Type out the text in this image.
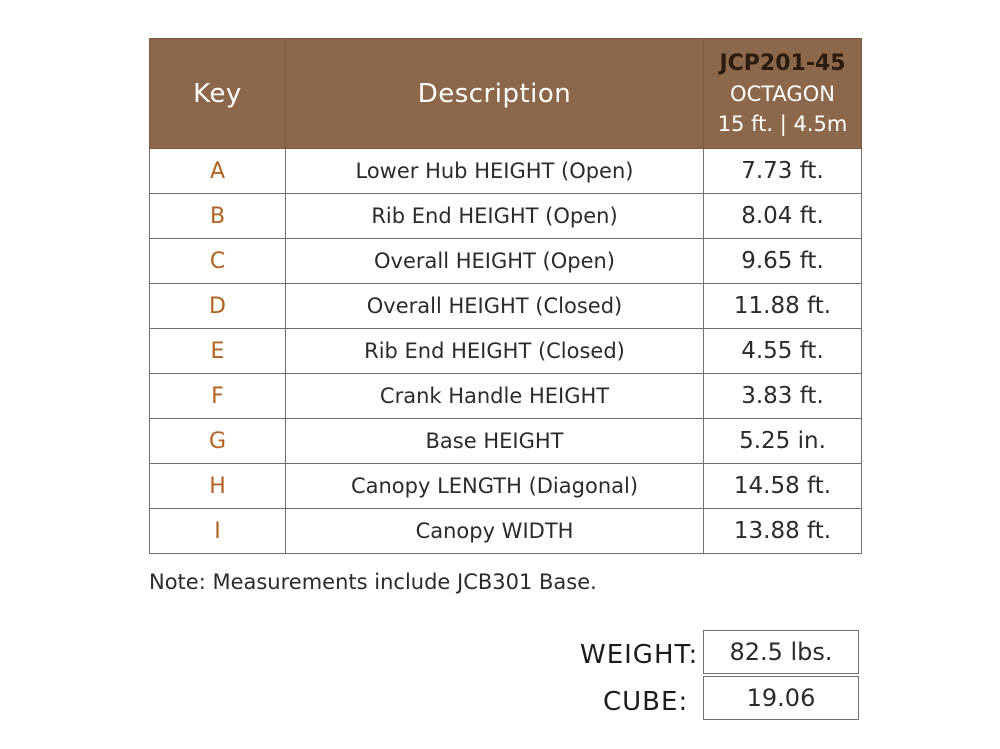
Key	Description	JCP201-45
OCTAGON
15 ft. | 4.5m

A	Lower Hub HEIGHT (Open)	7.73 ft.
B	Rib End HEIGHT (Open)	8.04 ft.
C	Overall HEIGHT (Open)	9.65 ft.
D	Overall HEIGHT (Closed)	11.88 ft.
E	Rib End HEIGHT (Closed)	4.55 ft.
F	Crank Handle HEIGHT	3.83 ft.
G	Base HEIGHT	5.25 in.
H	Canopy LENGTH (Diagonal)	14.58 ft.
I	Canopy WIDTH	13.88 ft.
Note: Measurements include JCB301 Base.
WEIGHT:	82.5 lbs.
CUBE:	19.06
